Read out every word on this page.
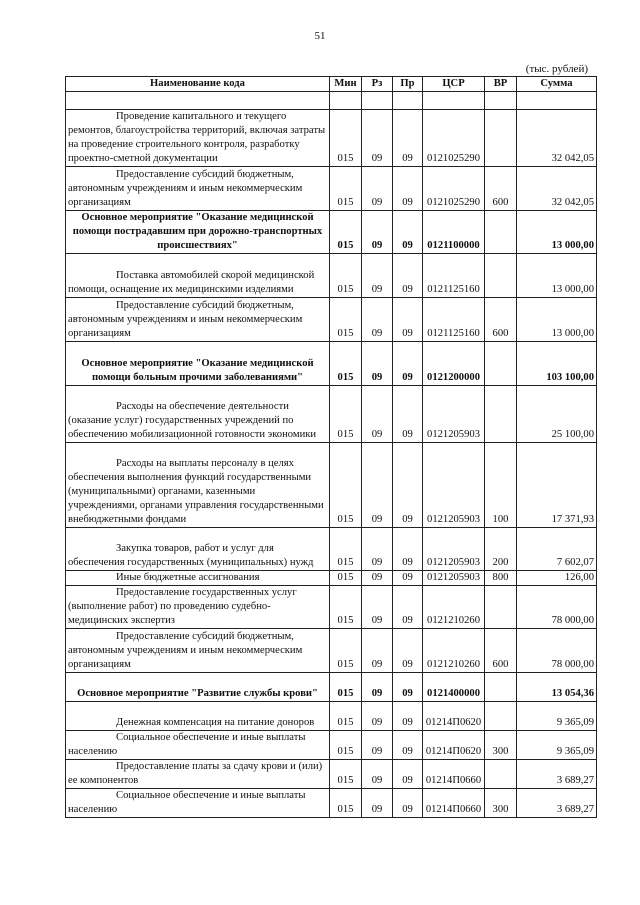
51
(тыс. рублей)
Наименование кода	Мин	Рз	Пр	ЦСР	ВР	Сумма

Проведение капитального и текущего ремонтов, благоустройства территорий, включая затраты на проведение строительного контроля, разработку проектно-сметной документации	015	09	09	0121025290		32 042,05

Предоставление субсидий бюджетным, автономным учреждениям и иным некоммерческим организациям	015	09	09	0121025290	600	32 042,05

Основное мероприятие "Оказание медицинской помощи пострадавшим при дорожно-транспортных происшествиях"	015	09	09	0121100000		13 000,00

Поставка автомобилей скорой медицинской помощи, оснащение их медицинскими изделиями	015	09	09	0121125160		13 000,00

Предоставление субсидий бюджетным, автономным учреждениям и иным некоммерческим организациям	015	09	09	0121125160	600	13 000,00

Основное мероприятие "Оказание медицинской помощи больным прочими заболеваниями"	015	09	09	0121200000		103 100,00

Расходы на обеспечение деятельности (оказание услуг) государственных учреждений по обеспечению мобилизационной готовности экономики	015	09	09	0121205903		25 100,00

Расходы на выплаты персоналу в целях обеспечения выполнения функций государственными (муниципальными) органами, казенными учреждениями, органами управления государственными внебюджетными фондами	015	09	09	0121205903	100	17 371,93

Закупка товаров, работ и услуг для обеспечения государственных (муниципальных) нужд	015	09	09	0121205903	200	7 602,07

Иные бюджетные ассигнования	015	09	09	0121205903	800	126,00

Предоставление государственных услуг (выполнение работ) по проведению судебно-медицинских экспертиз	015	09	09	0121210260		78 000,00

Предоставление субсидий бюджетным, автономным учреждениям и иным некоммерческим организациям	015	09	09	0121210260	600	78 000,00

Основное мероприятие "Развитие службы крови"	015	09	09	0121400000		13 054,36

Денежная компенсация на питание доноров	015	09	09	01214П0620		9 365,09

Социальное обеспечение и иные выплаты населению	015	09	09	01214П0620	300	9 365,09

Предоставление платы за сдачу крови и (или) ее компонентов	015	09	09	01214П0660		3 689,27

Социальное обеспечение и иные выплаты населению	015	09	09	01214П0660	300	3 689,27
